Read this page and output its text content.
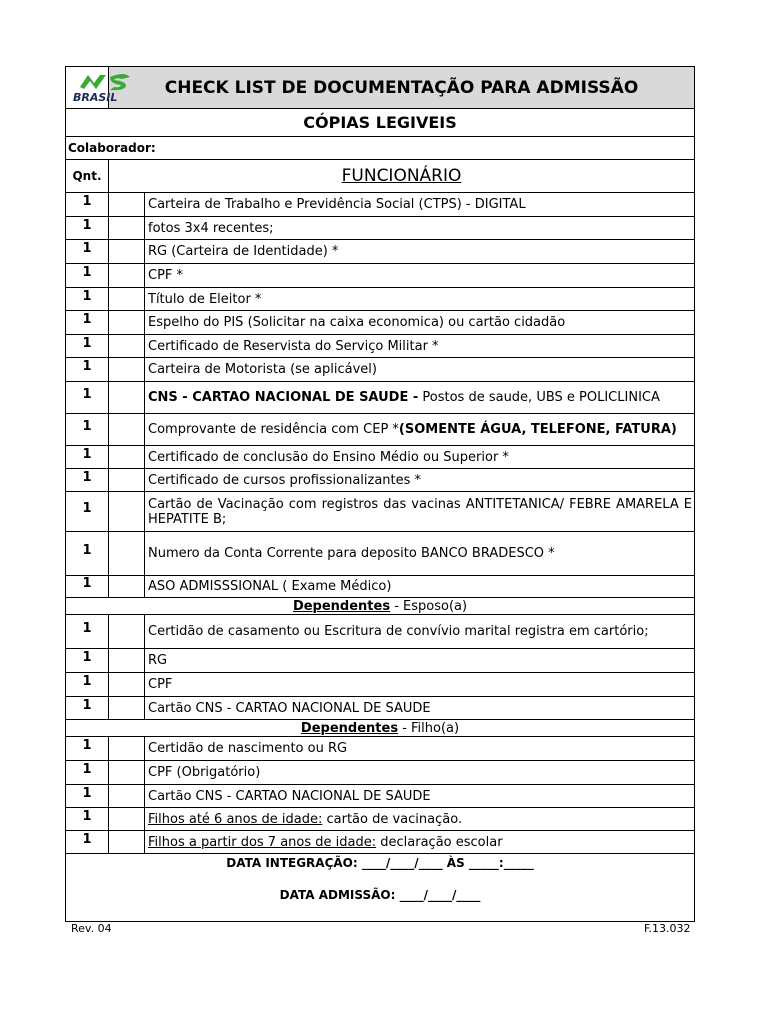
BRASIL	CHECK LIST DE DOCUMENTAÇÃO PARA ADMISSÃO	
CÓPIAS LEGIVEIS		
Colaborador:		
Qnt.	FUNCIONÁRIO	
1		Carteira de Trabalho e Previdência Social (CTPS) - DIGITAL
1		fotos 3x4 recentes;
1		RG (Carteira de Identidade) *
1		CPF *
1		Título de Eleitor *
1		Espelho do PIS (Solicitar na caixa economica) ou cartão cidadão
1		Certificado de Reservista do Serviço Militar *
1		Carteira de Motorista (se aplicável)
1		CNS - CARTAO NACIONAL DE SAUDE - Postos de saude, UBS e POLICLINICA
1		Comprovante de residência com CEP *(SOMENTE ÁGUA, TELEFONE, FATURA)
1		Certificado de conclusão do Ensino Médio ou Superior *
1		Certificado de cursos profissionalizantes *
1		Cartão de Vacinação com registros das vacinas ANTITETANICA/ FEBRE AMARELA E HEPATITE B;
1		Numero da Conta Corrente para deposito BANCO BRADESCO *
1		ASO ADMISSSIONAL ( Exame Médico)
Dependentes - Esposo(a)		
1		Certidão de casamento ou Escritura de convívio marital registra em cartório;
1		RG
1		CPF
1		Cartão CNS - CARTAO NACIONAL DE SAUDE
Dependentes - Filho(a)		
1		Certidão de nascimento ou RG
1		CPF (Obrigatório)
1		Cartão CNS - CARTAO NACIONAL DE SAUDE
1		Filhos até 6 anos de idade: cartão de vacinação.
1		Filhos a partir dos 7 anos de idade: declaração escolar

DATA INTEGRAÇÃO: ____/____/____ ÀS _____:_____
DATA ADMISSÃO: ____/____/____		
Rev. 04	F.13.032
